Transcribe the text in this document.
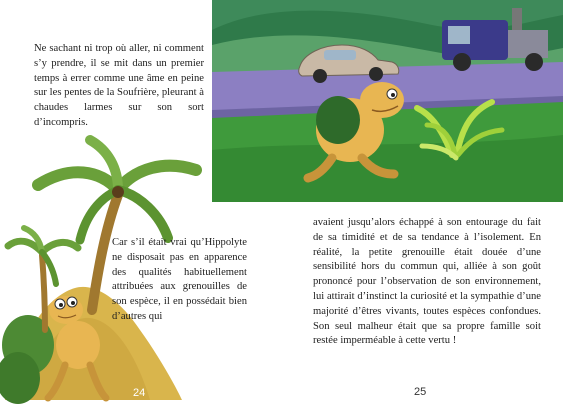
Ne sachant ni trop où aller, ni comment s’y prendre, il se mit dans un premier temps à errer comme une âme en peine sur les pentes de la Soufrière, pleurant à chaudes larmes sur son sort d’incompris.

Car s’il était vrai qu’Hippolyte ne disposait pas en apparence des qualités habituellement attribuées aux grenouilles de son espèce, il en possédait bien d’autres qui

avaient jusqu’alors échappé à son entourage du fait de sa timidité et de sa tendance à l’isolement. En réalité, la petite grenouille était douée d’une sensibilité hors du commun qui, alliée à son goût prononcé pour l’observation de son environnement, lui attirait d’instinct la curiosité et la sympathie d’une majorité d’êtres vivants, toutes espèces confondues. Son seul malheur était que sa propre famille soit restée imperméable à cette vertu !

24	25
